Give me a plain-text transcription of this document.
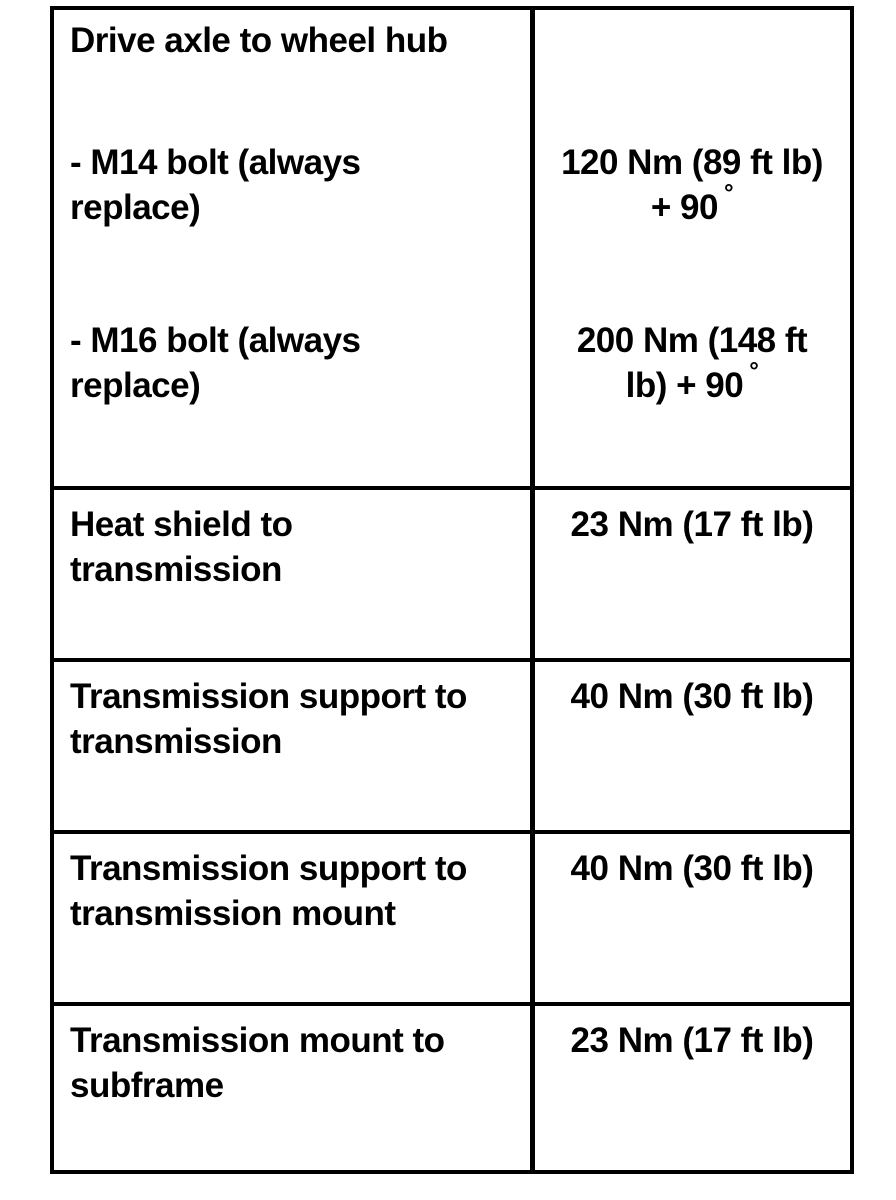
Drive axle to wheel hub
- M14 bolt (always
replace)
120 Nm (89 ft lb)
+ 90 °
- M16 bolt (always
replace)
200 Nm (148 ft
lb) + 90 °
Heat shield to
transmission
23 Nm (17 ft lb)
Transmission support to
transmission
40 Nm (30 ft lb)
Transmission support to
transmission mount
40 Nm (30 ft lb)
Transmission mount to
subframe
23 Nm (17 ft lb)
